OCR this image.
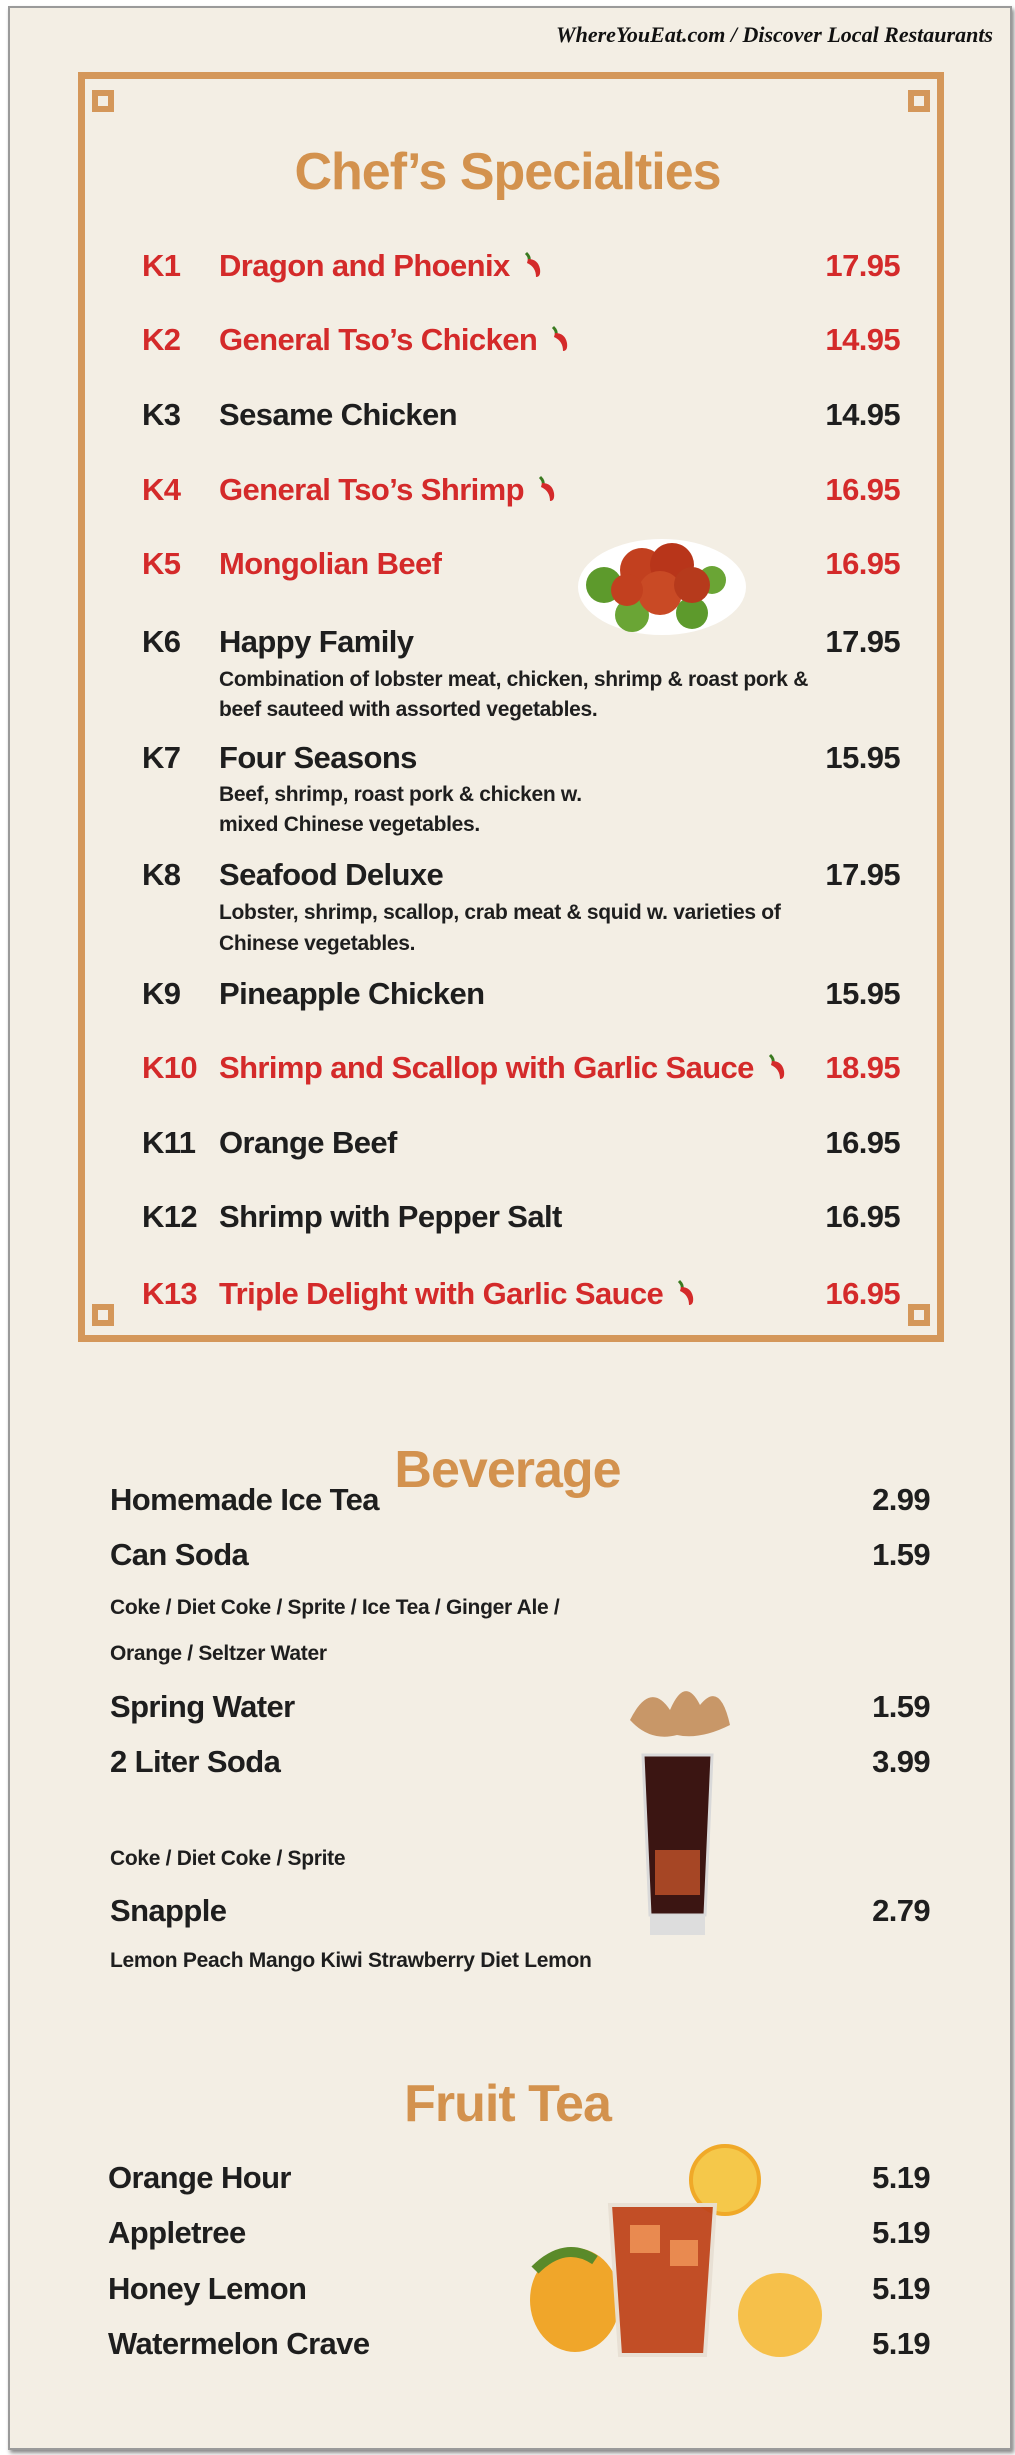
WhereYouEat.com / Discover Local Restaurants
Chef’s Specialties
Beverage
Fruit Tea
K1 Dragon and Phoenix	17.95
K2 General Tso’s Chicken	14.95
K3 Sesame Chicken	14.95
K4 General Tso’s Shrimp	16.95
K5 Mongolian Beef	16.95
K6 Happy Family	17.95
Combination of lobster meat, chicken, shrimp & roast pork &
beef sauteed with assorted vegetables.
K7 Four Seasons	15.95
Beef, shrimp, roast pork & chicken w.
mixed Chinese vegetables.
K8 Seafood Deluxe	17.95
Lobster, shrimp, scallop, crab meat & squid w. varieties of
Chinese vegetables.
K9 Pineapple Chicken	15.95
K10 Shrimp and Scallop with Garlic Sauce	18.95
K11 Orange Beef	16.95
K12 Shrimp with Pepper Salt	16.95
K13 Triple Delight with Garlic Sauce	16.95
Homemade Ice Tea	2.99
Can Soda	1.59
Coke / Diet Coke / Sprite / Ice Tea / Ginger Ale /
Orange / Seltzer Water
Spring Water	1.59
2 Liter Soda	3.99
Coke / Diet Coke / Sprite
Snapple	2.79
Lemon Peach Mango Kiwi Strawberry Diet Lemon
Orange Hour	5.19
Appletree	5.19
Honey Lemon	5.19
Watermelon Crave	5.19
